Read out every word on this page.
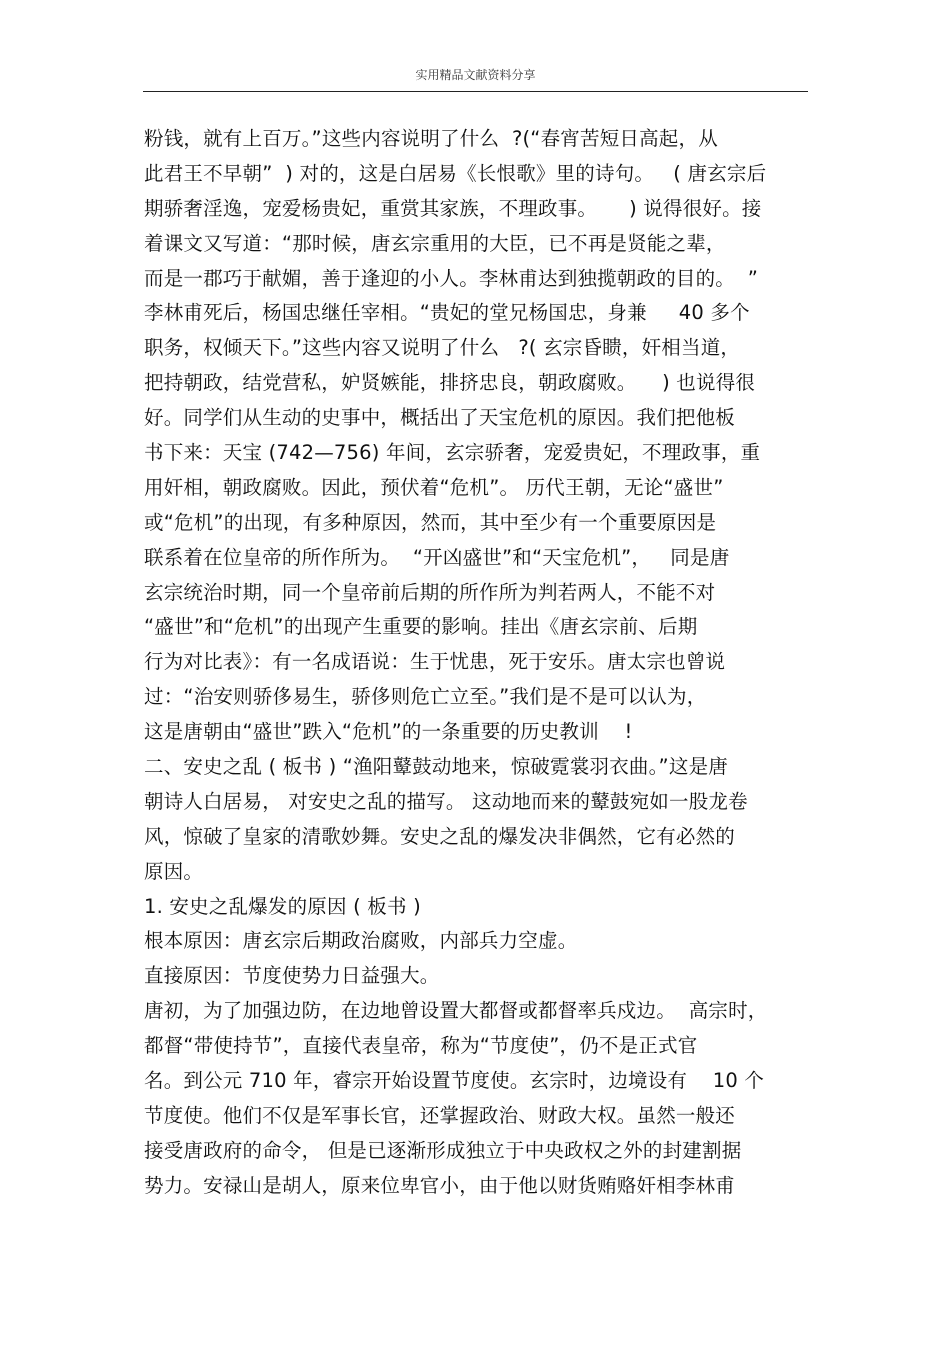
实用精品文献资料分享
粉钱，就有上百万。”这些内容说明了什么  ?(“春宵苦短日高起，从
此君王不早朝”  ) 对的，这是白居易《长恨歌》里的诗句。   ( 唐玄宗后
期骄奢淫逸，宠爱杨贵妃，重赏其家族，不理政事。     ) 说得很好。接
着课文又写道：“那时候，唐玄宗重用的大臣，已不再是贤能之辈，
而是一郡巧于献媚，善于逢迎的小人。李林甫达到独揽朝政的目的。  ”
李林甫死后，杨国忠继任宰相。“贵妃的堂兄杨国忠，身兼     40 多个
职务，权倾天下。”这些内容又说明了什么   ?( 玄宗昏瞆，奸相当道，
把持朝政，结党营私，妒贤嫉能，排挤忠良，朝政腐败。    ) 也说得很
好。同学们从生动的史事中，概括出了天宝危机的原因。我们把他板
书下来：天宝 (742—756) 年间，玄宗骄奢，宠爱贵妃，不理政事，重
用奸相，朝政腐败。因此，预伏着“危机”。 历代王朝，无论“盛世”
或“危机”的出现，有多种原因，然而，其中至少有一个重要原因是
联系着在位皇帝的所作所为。  “开凶盛世”和“天宝危机”，   同是唐
玄宗统治时期，同一个皇帝前后期的所作所为判若两人，不能不对
“盛世”和“危机”的出现产生重要的影响。挂出《唐玄宗前、后期
行为对比表》：有一名成语说：生于忧患，死于安乐。唐太宗也曾说
过：“治安则骄侈易生，骄侈则危亡立至。”我们是不是可以认为，
这是唐朝由“盛世”跌入“危机”的一条重要的历史教训    !
二、安史之乱 ( 板书 ) “渔阳鼙鼓动地来，惊破霓裳羽衣曲。”这是唐
朝诗人白居易， 对安史之乱的描写。 这动地而来的鼙鼓宛如一股龙卷
风，惊破了皇家的清歌妙舞。安史之乱的爆发决非偶然，它有必然的
原因。
1. 安史之乱爆发的原因 ( 板书 )
根本原因：唐玄宗后期政治腐败，内部兵力空虚。
直接原因：节度使势力日益强大。
唐初，为了加强边防，在边地曾设置大都督或都督率兵戍边。  高宗时，
都督“带使持节”，直接代表皇帝，称为“节度使”，仍不是正式官
名。到公元 710 年，睿宗开始设置节度使。玄宗时，边境设有    10 个
节度使。他们不仅是军事长官，还掌握政治、财政大权。虽然一般还
接受唐政府的命令， 但是已逐渐形成独立于中央政权之外的封建割据
势力。安禄山是胡人，原来位卑官小，由于他以财货贿赂奸相李林甫
